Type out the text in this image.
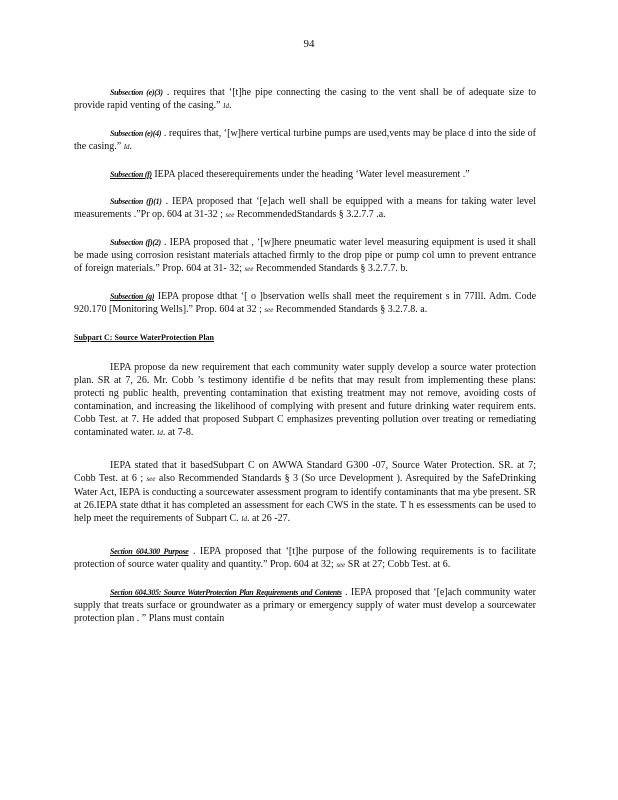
94

Subsection (e)(3) . requires that ‘[t]he pipe connecting the casing to the vent shall be of adequate size to provide rapid venting of the casing.” Id.

Subsection (e)(4) . requires that, ‘[w]here vertical turbine pumps are used,vents may be place d into the side of the casing.” Id.

Subsection (f) IEPA placed theserequirements under the heading ‘Water level measurement .”

Subsection (f)(1) . IEPA proposed that ‘[e]ach well shall be equipped with a means for taking water level measurements .”Pr op. 604 at 31-32 ; see RecommendedStandards § 3.2.7.7 .a.

Subsection (f)(2) . IEPA proposed that , ‘[w]here pneumatic water level measuring equipment is used it shall be made using corrosion resistant materials attached firmly to the drop pipe or pump col umn to prevent entrance of foreign materials.” Prop. 604 at 31- 32; see Recommended Standards § 3.2.7.7. b.

Subsection (g) IEPA propose dthat ‘[ o ]bservation wells shall meet the requirement s in 77Ill. Adm. Code 920.170 [Monitoring Wells].” Prop. 604 at 32 ; see Recommended Standards § 3.2.7.8. a.

Subpart C: Source WaterProtection Plan

IEPA propose da new requirement that each community water supply develop a source water protection plan. SR at 7, 26. Mr. Cobb ’s testimony identifie d be nefits that may result from implementing these plans: protecti ng public health, preventing contamination that existing treatment may not remove, avoiding costs of contamination, and increasing the likelihood of complying with present and future drinking water requirem ents. Cobb Test. at 7. He added that proposed Subpart C emphasizes preventing pollution over treating or remediating contaminated water. Id. at 7-8.

IEPA stated that it basedSubpart C on AWWA Standard G300 -07, Source Water Protection. SR. at 7; Cobb Test. at 6 ; see also Recommended Standards § 3 (So urce Development ). Asrequired by the SafeDrinking Water Act, IEPA is conducting a sourcewater assessment program to identify contaminants that ma ybe present. SR at 26.IEPA state dthat it has completed an assessment for each CWS in the state. T h es essessments can be used to help meet the requirements of Subpart C. Id. at 26 -27.

Section 604.300 Purpose . IEPA proposed that ‘[t]he purpose of the following requirements is to facilitate protection of source water quality and quantity.” Prop. 604 at 32; see SR at 27; Cobb Test. at 6.

Section 604.305: Source WaterProtection Plan Requirements and Contents . IEPA proposed that ‘[e]ach community water supply that treats surface or groundwater as a primary or emergency supply of water must develop a sourcewater protection plan . ” Plans must contain
